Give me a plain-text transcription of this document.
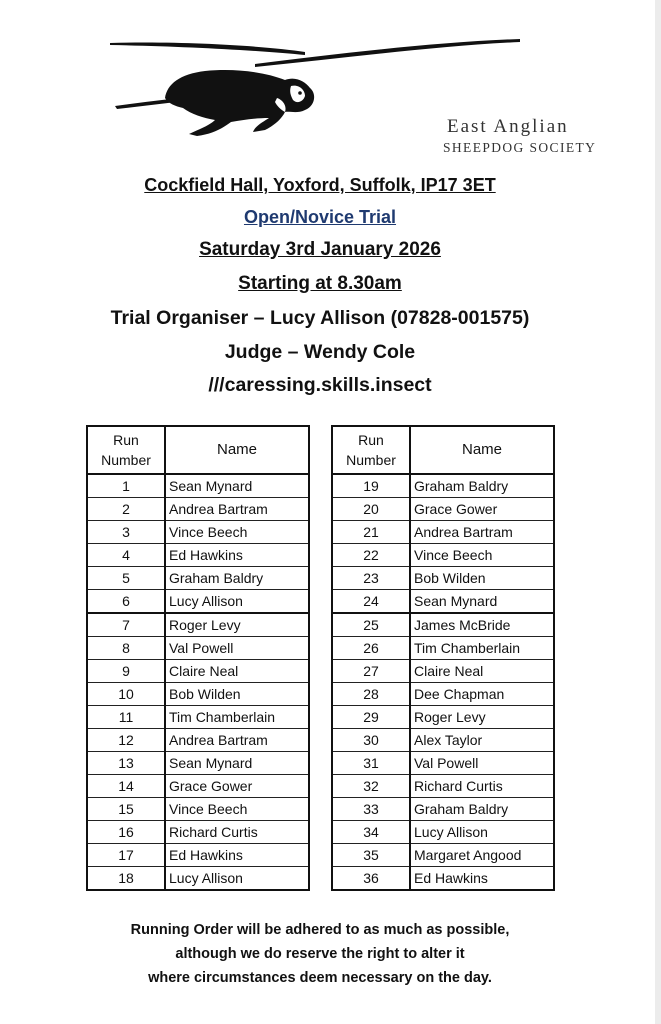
East Anglian
SHEEPDOG SOCIETY
Cockfield Hall, Yoxford, Suffolk, IP17 3ET
Open/Novice Trial
Saturday 3rd January 2026
Starting at 8.30am
Trial Organiser – Lucy Allison (07828-001575)
Judge – Wendy Cole
///caressing.skills.insect
Run Number	Name
1	Sean Mynard
2	Andrea Bartram
3	Vince Beech
4	Ed Hawkins
5	Graham Baldry
6	Lucy Allison
7	Roger Levy
8	Val Powell
9	Claire Neal
10	Bob Wilden
11	Tim Chamberlain
12	Andrea Bartram
13	Sean Mynard
14	Grace Gower
15	Vince Beech
16	Richard Curtis
17	Ed Hawkins
18	Lucy Allison
Run Number	Name
19	Graham Baldry
20	Grace Gower
21	Andrea Bartram
22	Vince Beech
23	Bob Wilden
24	Sean Mynard
25	James McBride
26	Tim Chamberlain
27	Claire Neal
28	Dee Chapman
29	Roger Levy
30	Alex Taylor
31	Val Powell
32	Richard Curtis
33	Graham Baldry
34	Lucy Allison
35	Margaret Angood
36	Ed Hawkins
Running Order will be adhered to as much as possible,
although we do reserve the right to alter it
where circumstances deem necessary on the day.
